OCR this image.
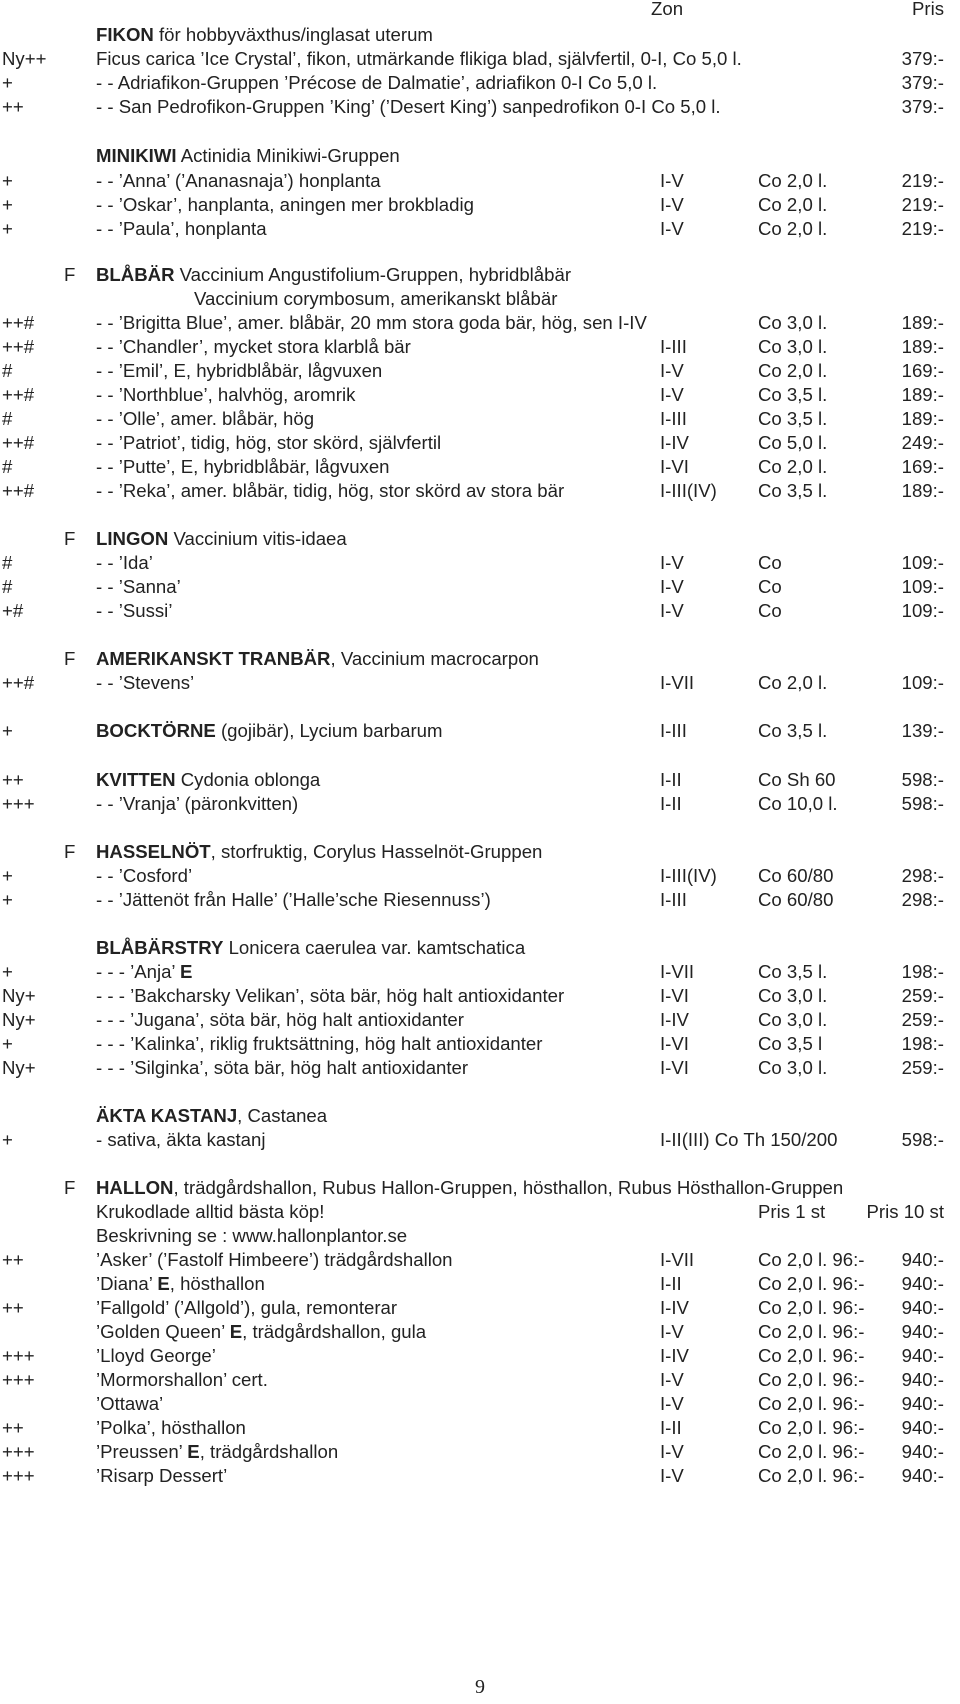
Zon	Pris
FIKON för hobbyväxthus/inglasat uterum
Ny++	Ficus carica ’Ice Crystal’, fikon, utmärkande flikiga blad, självfertil, 0-I, Co 5,0 l.	379:-
+	- - Adriafikon-Gruppen ’Précose de Dalmatie’, adriafikon 0-I Co 5,0 l.	379:-
++	- - San Pedrofikon-Gruppen ’King’ (’Desert King’) sanpedrofikon 0-I Co 5,0 l.	379:-
MINIKIWI Actinidia Minikiwi-Gruppen
+	- - ’Anna’ (’Ananasnaja’) honplanta	I-V	Co 2,0 l.	219:-
+	- - ’Oskar’, hanplanta, aningen mer brokbladig	I-V	Co 2,0 l.	219:-
+	- - ’Paula’, honplanta	I-V	Co 2,0 l.	219:-
F BLÅBÄR Vaccinium Angustifolium-Gruppen, hybridblåbär
Vaccinium corymbosum, amerikanskt blåbär
++#	- - ’Brigitta Blue’, amer. blåbär, 20 mm stora goda bär, hög, sen I-IV	Co 3,0 l.	189:-
++#	- - ’Chandler’, mycket stora klarblå bär	I-III	Co 3,0 l.	189:-
#	- - ’Emil’, E, hybridblåbär, lågvuxen	I-V	Co 2,0 l.	169:-
++#	- - ’Northblue’, halvhög, aromrik	I-V	Co 3,5 l.	189:-
#	- - ’Olle’, amer. blåbär, hög	I-III	Co 3,5 l.	189:-
++#	- - ’Patriot’, tidig, hög, stor skörd, självfertil	I-IV	Co 5,0 l.	249:-
#	- - ’Putte’, E, hybridblåbär, lågvuxen	I-VI	Co 2,0 l.	169:-
++#	- - ’Reka’, amer. blåbär, tidig, hög, stor skörd av stora bär	I-III(IV) Co 3,5 l.	189:-
F LINGON Vaccinium vitis-idaea
#	- - ’Ida’	I-V	Co	109:-
#	- - ’Sanna’	I-V	Co	109:-
+#	- - ’Sussi’	I-V	Co	109:-
F AMERIKANSKT TRANBÄR, Vaccinium macrocarpon
++#	- - ’Stevens’	I-VII	Co 2,0 l.	109:-
+	BOCKTÖRNE (gojibär), Lycium barbarum	I-III	Co 3,5 l.	139:-
++	KVITTEN Cydonia oblonga	I-II	Co Sh 60	598:-
+++	- - ’Vranja’ (päronkvitten)	I-II	Co 10,0 l.	598:-
F HASSELNÖT, storfruktig, Corylus Hasselnöt-Gruppen
+	- - ’Cosford’	I-III(IV) Co 60/80	298:-
+	- - ’Jättenöt från Halle’ (’Halle’sche Riesennuss’)	I-III	Co 60/80	298:-
BLÅBÄRSTRY Lonicera caerulea var. kamtschatica
+	- - - ’Anja’ E	I-VII	Co 3,5 l.	198:-
Ny+	- - - ’Bakcharsky Velikan’, söta bär, hög halt antioxidanter	I-VI	Co 3,0 l.	259:-
Ny+	- - - ’Jugana’, söta bär, hög halt antioxidanter	I-IV	Co 3,0 l.	259:-
+	- - - ’Kalinka’, riklig fruktsättning, hög halt antioxidanter	I-VI	Co 3,5 l	198:-
Ny+	- - - ’Silginka’, söta bär, hög halt antioxidanter	I-VI	Co 3,0 l.	259:-
ÄKTA KASTANJ, Castanea
+	- sativa, äkta kastanj	I-II(III) Co Th 150/200	598:-
F HALLON, trädgårdshallon, Rubus Hallon-Gruppen, hösthallon, Rubus Hösthallon-Gruppen
Krukodlade alltid bästa köp!	Pris 1 st Pris 10 st
Beskrivning se : www.hallonplantor.se
++	’Asker’ (’Fastolf Himbeere’) trädgårdshallon	I-VII	Co 2,0 l. 96:- 940:-
’Diana’ E, hösthallon	I-II	Co 2,0 l. 96:- 940:-
++	’Fallgold’ (’Allgold’), gula, remonterar	I-IV	Co 2,0 l. 96:- 940:-
’Golden Queen’ E, trädgårdshallon, gula	I-V	Co 2,0 l. 96:- 940:-
+++	’Lloyd George’	I-IV	Co 2,0 l. 96:- 940:-
+++	’Mormorshallon’ cert.	I-V	Co 2,0 l. 96:- 940:-
’Ottawa’	I-V	Co 2,0 l. 96:- 940:-
++	’Polka’, hösthallon	I-II	Co 2,0 l. 96:- 940:-
+++	’Preussen’ E, trädgårdshallon	I-V	Co 2,0 l. 96:- 940:-
+++	’Risarp Dessert’	I-V	Co 2,0 l. 96:- 940:-
9
